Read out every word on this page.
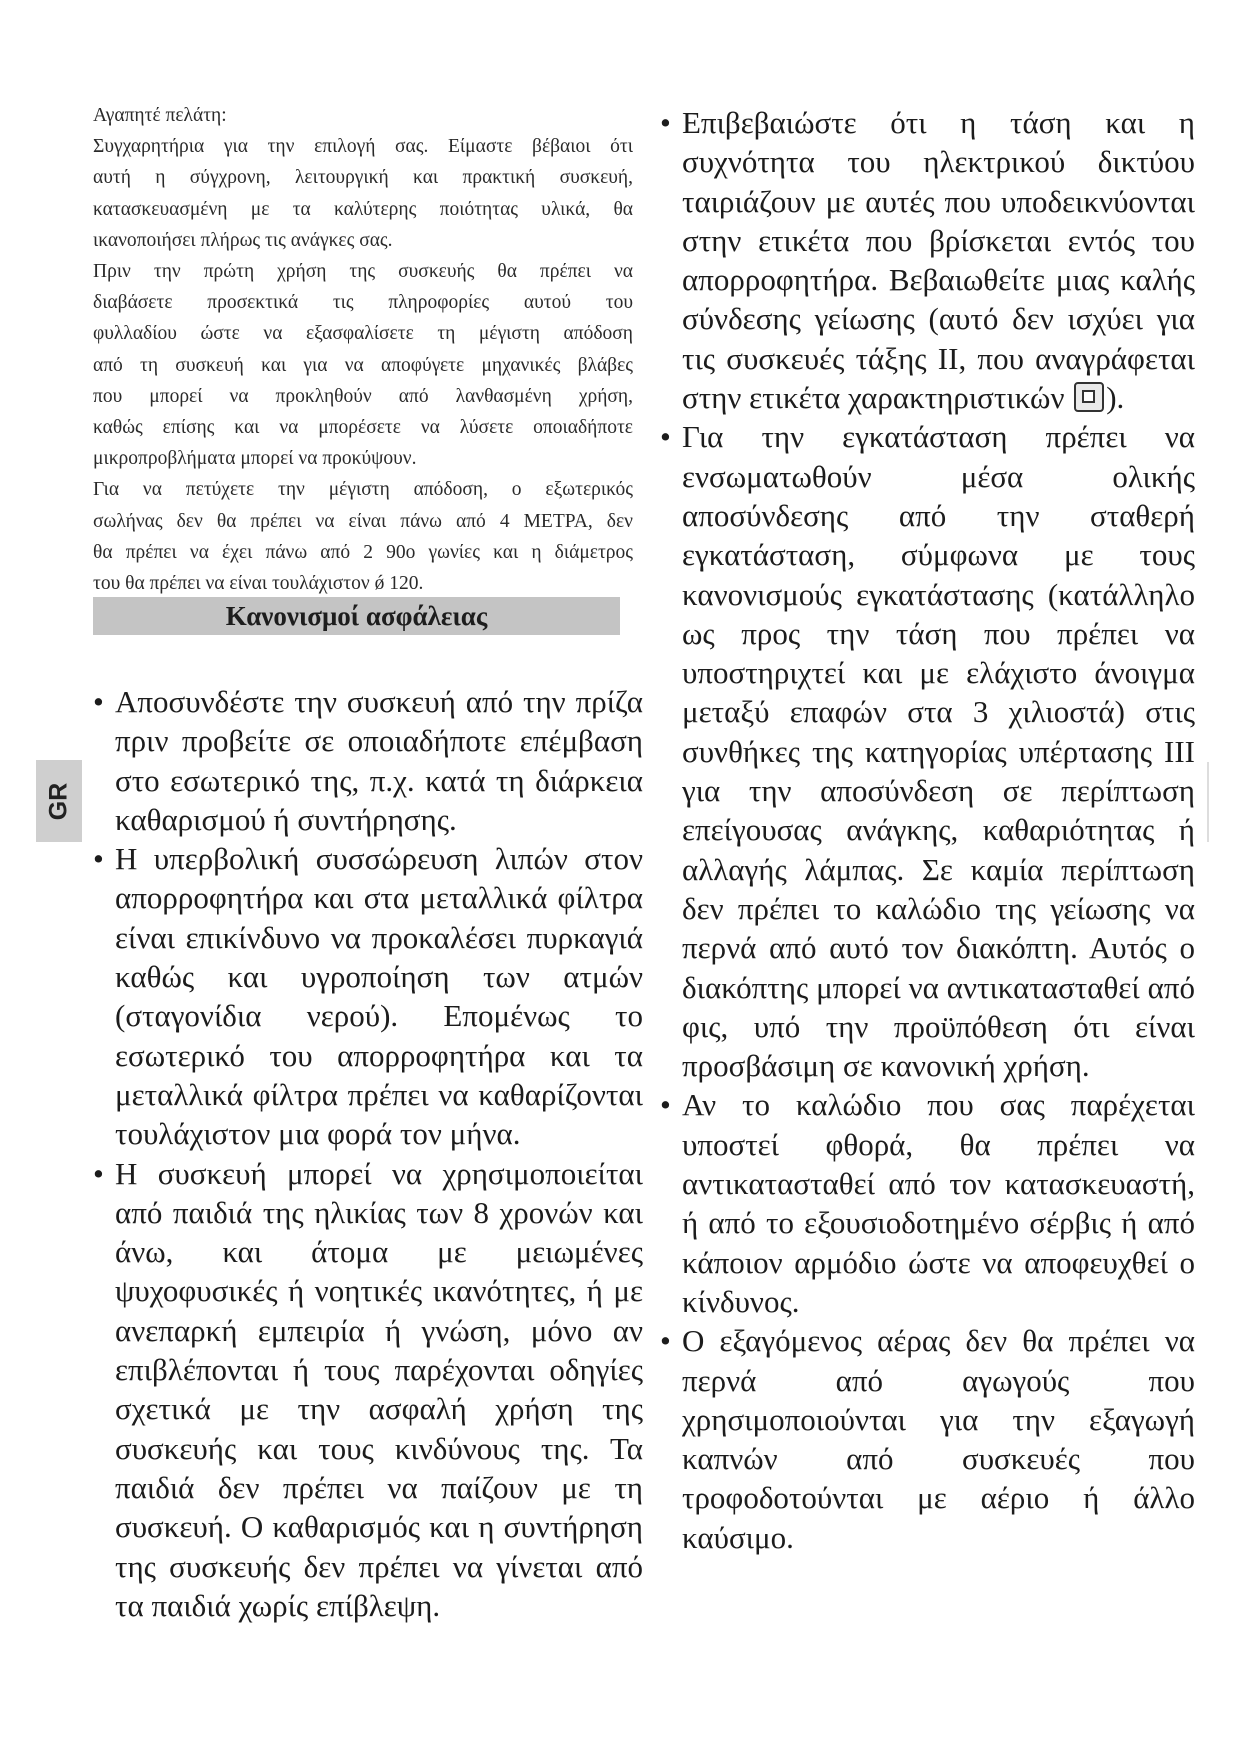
GR

Αγαπητέ πελάτη:

Συγχαρητήρια για την επιλογή σας. Είμαστε βέβαιοι ότι

αυτή η σύγχρονη, λειτουργική και πρακτική συσκευή,

κατασκευασμένη με τα καλύτερης ποιότητας υλικά, θα

ικανοποιήσει πλήρως τις ανάγκες σας.

Πριν την πρώτη χρήση της συσκευής θα πρέπει να

διαβάσετε προσεκτικά τις πληροφορίες αυτού του

φυλλαδίου ώστε να εξασφαλίσετε τη μέγιστη απόδοση

από τη συσκευή και για να αποφύγετε μηχανικές βλάβες

που μπορεί να προκληθούν από λανθασμένη χρήση,

καθώς επίσης και να μπορέσετε να λύσετε οποιαδήποτε

μικροπροβλήματα μπορεί να προκύψουν.

Για να πετύχετε την μέγιστη απόδοση, ο εξωτερικός

σωλήνας δεν θα πρέπει να είναι πάνω από 4 ΜΕΤΡΑ, δεν

θα πρέπει να έχει πάνω από 2 90ο γωνίες και η διάμετρος

του θα πρέπει να είναι τουλάχιστον ǿ 120.

Κανονισμοί ασφάλειας
• Αποσυνδέστε την συσκευή από την πρίζα πριν προβείτε σε οποιαδήποτε επέμβαση στο εσωτερικό της, π.χ. κατά τη διάρκεια καθαρισμού ή συντήρησης.
• Η υπερβολική συσσώρευση λιπών στον απορροφητήρα και στα μεταλλικά φίλτρα είναι επικίνδυνο να προκαλέσει πυρκαγιά καθώς και υγροποίηση των ατμών (σταγονίδια νερού). Επομένως το εσωτερικό του απορροφητήρα και τα μεταλλικά φίλτρα πρέπει να καθαρίζονται τουλάχιστον μια φορά τον μήνα.
• Η συσκευή μπορεί να χρησιμοποιείται από παιδιά της ηλικίας των 8 χρονών και άνω, και άτομα με μειωμένες ψυχοφυσικές ή νοητικές ικανότητες, ή με ανεπαρκή εμπειρία ή γνώση, μόνο αν επιβλέπονται ή τους παρέχονται οδηγίες σχετικά με την ασφαλή χρήση της συσκευής και τους κινδύνους της. Τα παιδιά δεν πρέπει να παίζουν με τη συσκευή. Ο καθαρισμός και η συντήρηση της συσκευής δεν πρέπει να γίνεται από τα παιδιά χωρίς επίβλεψη.
• Επιβεβαιώστε ότι η τάση και η συχνότητα του ηλεκτρικού δικτύου ταιριάζουν με αυτές που υποδεικνύονται στην ετικέτα που βρίσκεται εντός του απορροφητήρα. Βεβαιωθείτε μιας καλής σύνδεσης γείωσης (αυτό δεν ισχύει για τις συσκευές τάξης II, που αναγράφεται στην ετικέτα χαρακτηριστικών ).
• Για την εγκατάσταση πρέπει να ενσωματωθούν μέσα ολικής αποσύνδεσης από την σταθερή εγκατάσταση, σύμφωνα με τους κανονισμούς εγκατάστασης (κατάλληλο ως προς την τάση που πρέπει να υποστηριχτεί και με ελάχιστο άνοιγμα μεταξύ επαφών στα 3 χιλιοστά) στις συνθήκες της κατηγορίας υπέρτασης III για την αποσύνδεση σε περίπτωση επείγουσας ανάγκης, καθαριότητας ή αλλαγής λάμπας. Σε καμία περίπτωση δεν πρέπει το καλώδιο της γείωσης να περνά από αυτό τον διακόπτη. Αυτός ο διακόπτης μπορεί να αντικατασταθεί από φις, υπό την προϋπόθεση ότι είναι προσβάσιμη σε κανονική χρήση.
• Αν το καλώδιο που σας παρέχεται υποστεί φθορά, θα πρέπει να αντικατασταθεί από τον κατασκευαστή, ή από το εξουσιοδοτημένο σέρβις ή από κάποιον αρμόδιο ώστε να αποφευχθεί ο κίνδυνος.
• Ο εξαγόμενος αέρας δεν θα πρέπει να περνά από αγωγούς που χρησιμοποιούνται για την εξαγωγή καπνών από συσκευές που τροφοδοτούνται με αέριο ή άλλο καύσιμο.
